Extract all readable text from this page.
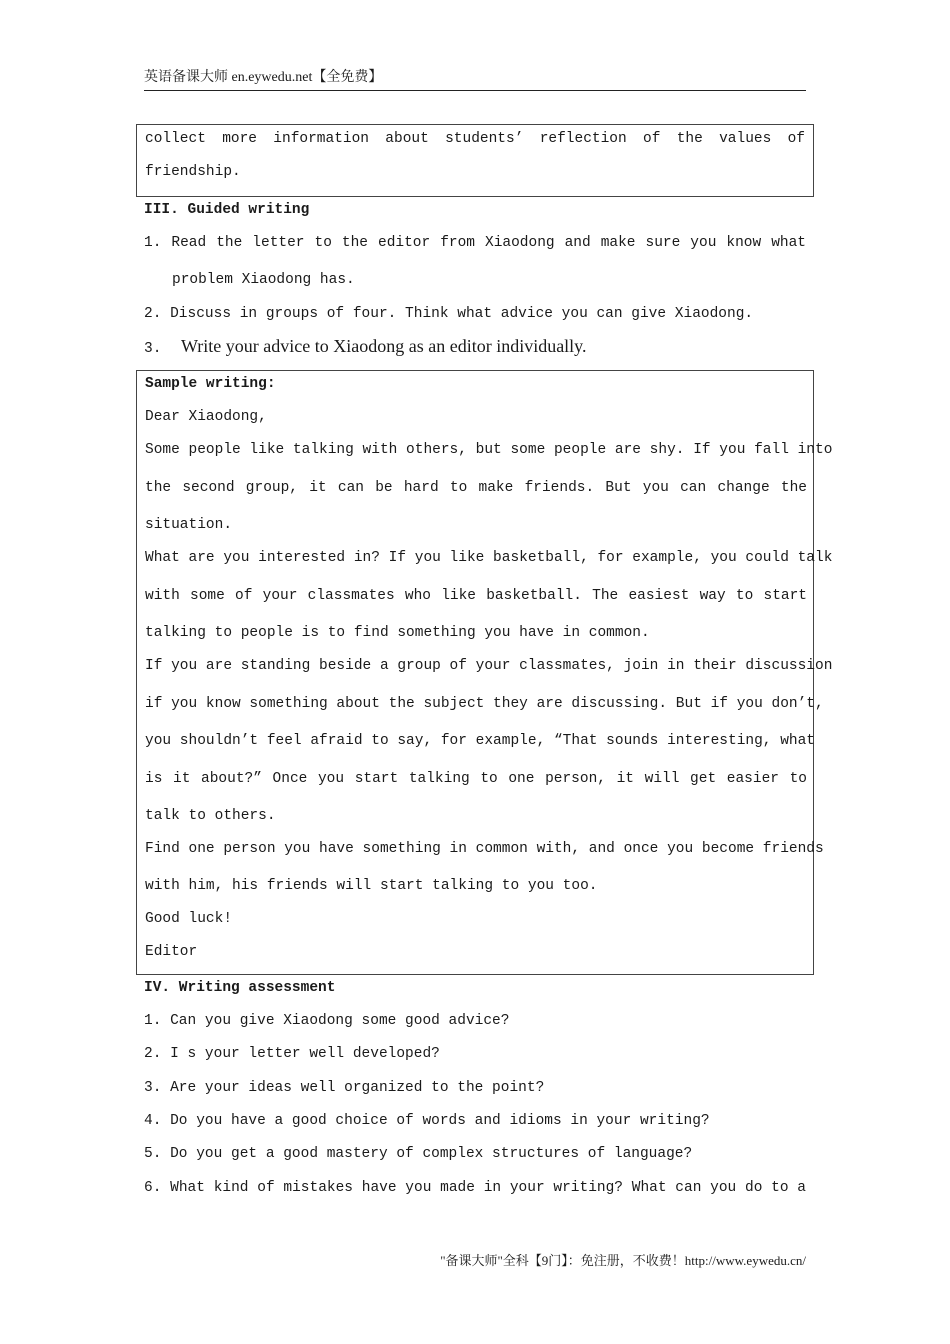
英语备课大师 en.eywedu.net【全免费】
collect more information about students’ reflection of the values of
friendship.
III. Guided writing
1. Read the letter to the editor from Xiaodong and make sure you know what
problem Xiaodong has.
2. Discuss in groups of four. Think what advice you can give Xiaodong.
3. Write your advice to Xiaodong as an editor individually.
Sample writing:
Dear Xiaodong,
Some people like talking with others, but some people are shy. If you fall into
the second group, it can be hard to make friends. But you can change the
situation.
What are you interested in? If you like basketball, for example, you could talk
with some of your classmates who like basketball. The easiest way to start
talking to people is to find something you have in common.
If you are standing beside a group of your classmates, join in their discussion
if you know something about the subject they are discussing. But if you don’t,
you shouldn’t feel afraid to say, for example, “That sounds interesting, what
is it about?” Once you start talking to one person, it will get easier to
talk to others.
Find one person you have something in common with, and once you become friends
with him, his friends will start talking to you too.
Good luck!
Editor
IV. Writing assessment
1. Can you give Xiaodong some good advice?
2. I s your letter well developed?
3. Are your ideas well organized to the point?
4. Do you have a good choice of words and idioms in your writing?
5. Do you get a good mastery of complex structures of language?
6. What kind of mistakes have you made in your writing? What can you do to a
"备课大师"全科【9门】：免注册，不收费！http://www.eywedu.cn/
